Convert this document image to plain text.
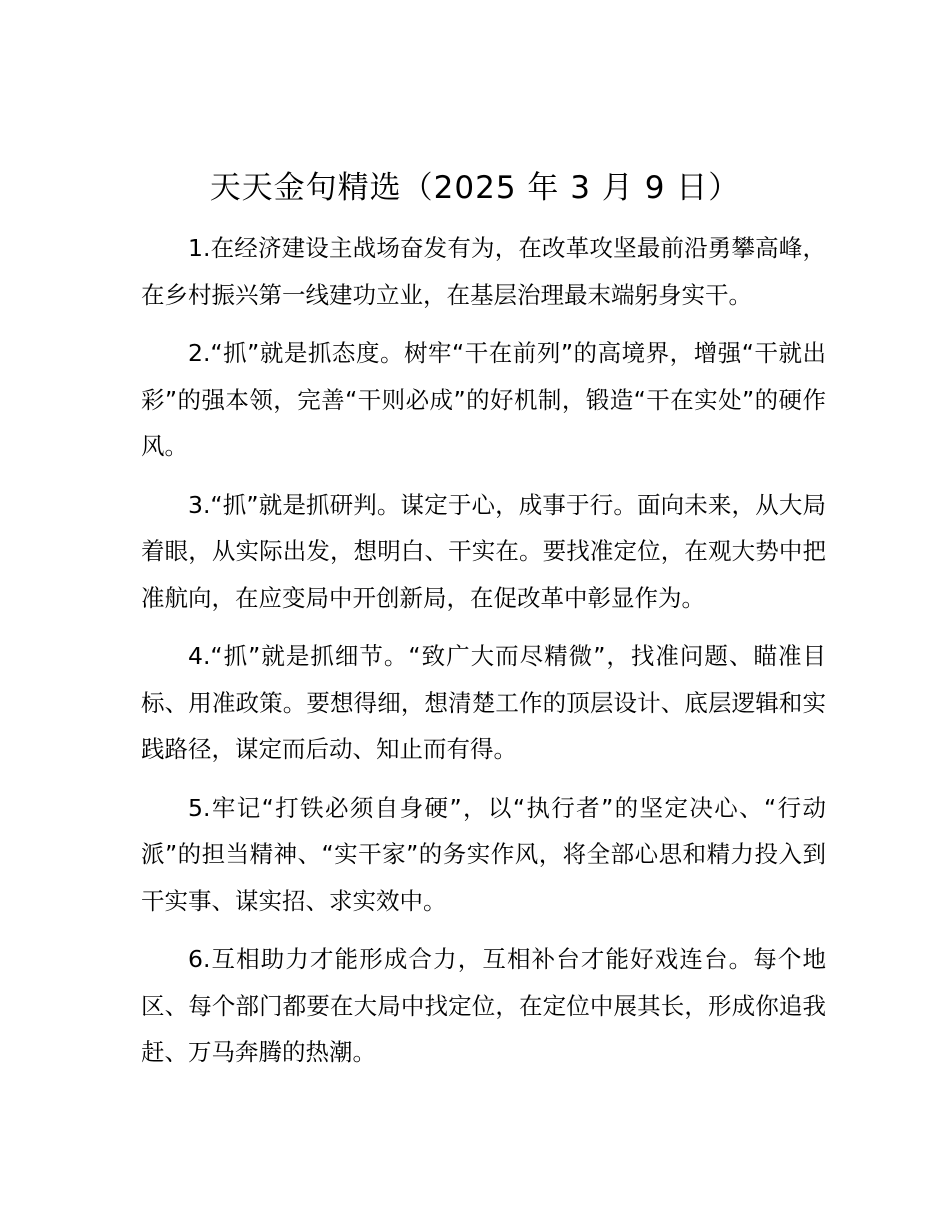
天天金句精选（2025 年 3 月 9 日）

1.在经济建设主战场奋发有为，在改革攻坚最前沿勇攀高峰，在乡村振兴第一线建功立业，在基层治理最末端躬身实干。

2.“抓”就是抓态度。树牢“干在前列”的高境界，增强“干就出彩”的强本领，完善“干则必成”的好机制，锻造“干在实处”的硬作风。

3.“抓”就是抓研判。谋定于心，成事于行。面向未来，从大局着眼，从实际出发，想明白、干实在。要找准定位，在观大势中把准航向，在应变局中开创新局，在促改革中彰显作为。

4.“抓”就是抓细节。“致广大而尽精微”，找准问题、瞄准目标、用准政策。要想得细，想清楚工作的顶层设计、底层逻辑和实践路径，谋定而后动、知止而有得。

5.牢记“打铁必须自身硬”，以“执行者”的坚定决心、“行动派”的担当精神、“实干家”的务实作风，将全部心思和精力投入到干实事、谋实招、求实效中。

6.互相助力才能形成合力，互相补台才能好戏连台。每个地区、每个部门都要在大局中找定位，在定位中展其长，形成你追我赶、万马奔腾的热潮。
